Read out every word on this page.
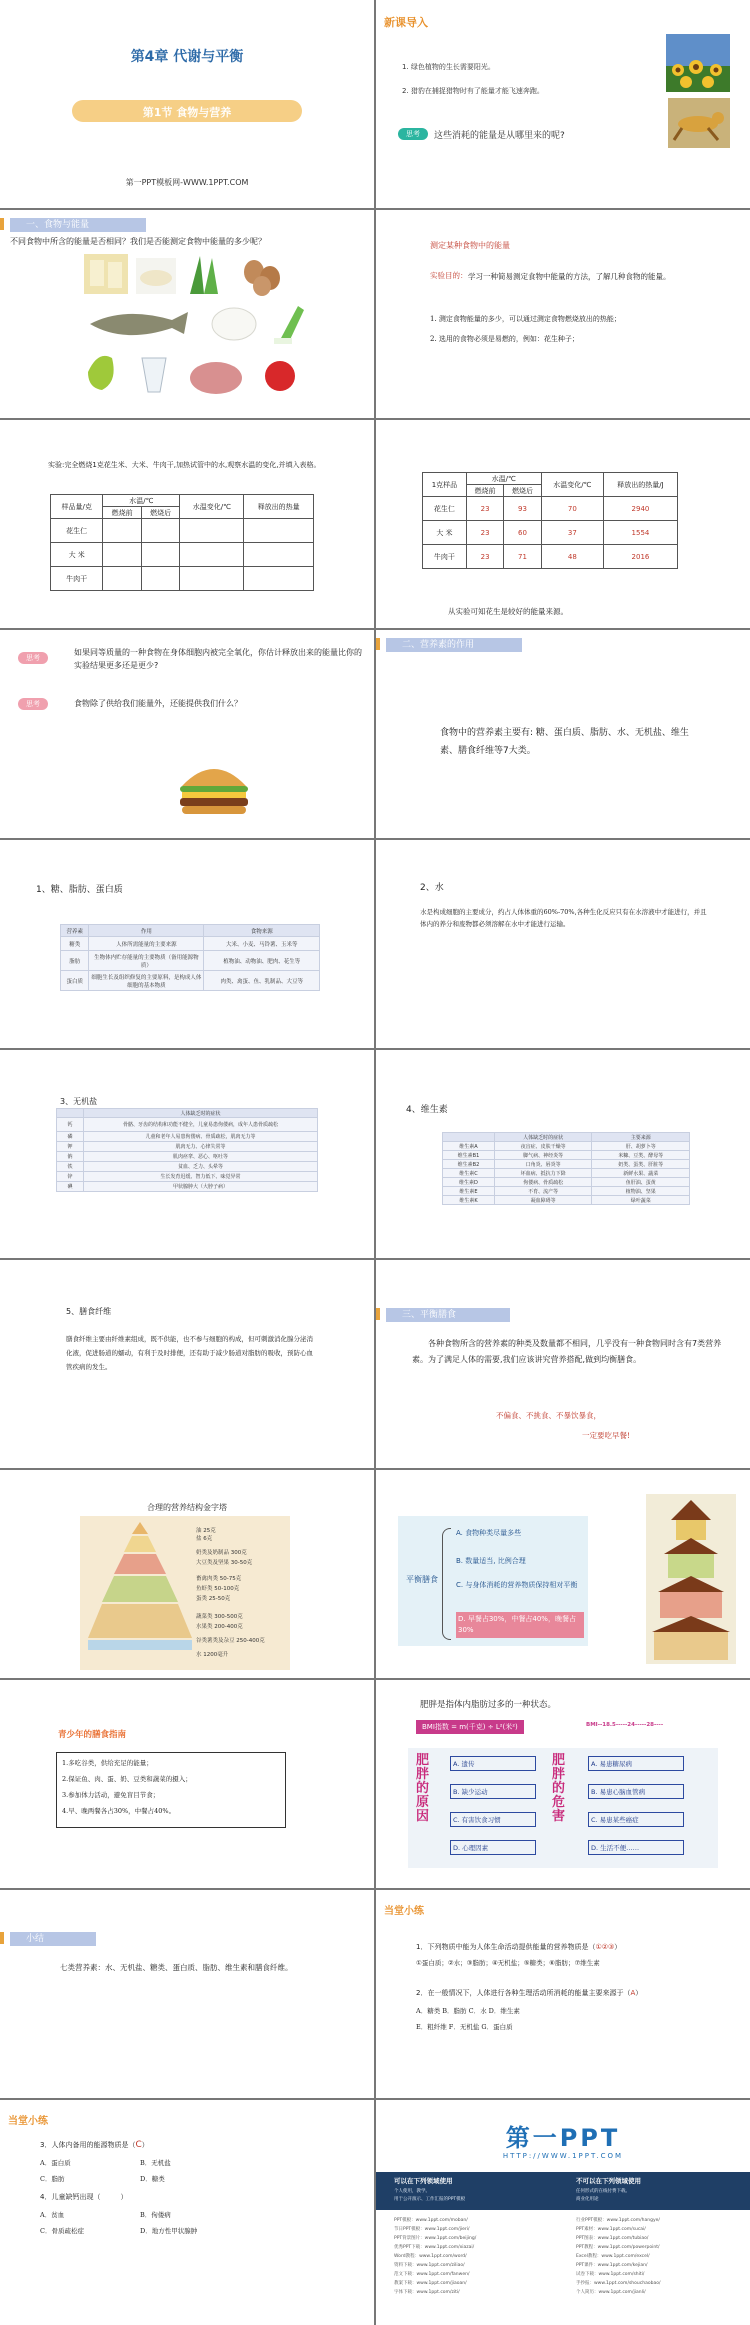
第4章 代谢与平衡
第1节 食物与营养
第一PPT模板网-WWW.1PPT.COM
新课导入
1. 绿色植物的生长需要阳光。
2. 猎豹在捕捉猎物时有了能量才能飞速奔跑。
思考	这些消耗的能量是从哪里来的呢?
一、食物与能量
不同食物中所含的能量是否相同？我们是否能测定食物中能量的多少呢？	测定某种食物中的能量
实验目的： 学习一种简易测定食物中能量的方法，了解几种食物的能量。
1. 测定食物能量的多少，可以通过测定食物燃烧放出的热能；
2. 选用的食物必须是易燃的，例如：花生种子；
实验:完全燃烧1克花生米、大米、牛肉干,加热试管中的水,观察水温的变化,并填入表格。
样品量/克	水温/℃		水温变化/℃	释放出的热量
	燃烧前	燃烧后		
花生仁				
大 米				
牛肉干				
1克样品	水温/℃		水温变化/℃	释放出的热量/J
	燃烧前	燃烧后		
花生仁	23	93	70	2940
大 米	23	60	37	1554
牛肉干	23	71	48	2016
从实验可知花生是较好的能量来源。
思考
如果同等质量的一种食物在身体细胞内被完全氧化，你估计释放出来的能量比你的实验结果更多还是更少?
思考	食物除了供给我们能量外，还能提供我们什么？
二、营养素的作用
食物中的营养素主要有: 糖、蛋白质、脂肪、水、无机盐、维生素、膳食纤维等7大类。
1、糖、脂肪、蛋白质
营养素	作用	食物来源
糖类	人体所需能量的主要来源	大米、小麦、马铃薯、玉米等
脂肪	生物体内贮存能量的主要物质（备用能源物质）	植物油、动物油、肥肉、花生等
蛋白质	细胞生长及组织修复的主要原料，是构成人体细胞的基本物质	肉类、禽蛋、鱼、乳制品、大豆等
2、水
水是构成细胞的主要成分，约占人体体重的60%-70%,各种生化反应只有在水溶液中才能进行，并且体内的养分和废物都必须溶解在水中才能进行运输。
3、无机盐
	人体缺乏时的症状
钙	骨骼、牙齿的结构和功能不健全，儿童易患佝偻病，成年人患骨质疏松
磷	儿童和老年人易患佝偻病、骨质疏松，肌肉无力等
钾	肌肉无力、心律失常等
钠	肌肉痉挛、恶心、呕吐等
铁	贫血、乏力、头晕等
锌	生长发育迟缓、智力低下、味觉异常
碘	甲状腺肿大（大脖子病）
4、维生素
	人体缺乏时的症状	主要来源
维生素A	夜盲症、皮肤干燥等	肝、胡萝卜等
维生素B1	脚气病、神经炎等	米糠、豆类、酵母等
维生素B2	口角炎、唇炎等	奶类、蛋类、肝脏等
维生素C	坏血病、抵抗力下降	新鲜水果、蔬菜
维生素D	佝偻病、骨质疏松	鱼肝油、蛋黄
维生素E	不育、流产等	植物油、坚果
维生素K	凝血障碍等	绿叶蔬菜
5、膳食纤维
膳食纤维主要由纤维素组成，既不供能，也不参与细胞的构成，但可刺激消化腺分泌消化液，促进肠道的蠕动，有利于及时排便，还有助于减少肠道对脂肪的吸收，预防心血管疾病的发生。
三、平衡膳食
各种食物所含的营养素的种类及数量都不相同，几乎没有一种食物同时含有7类营养素。为了满足人体的需要,我们应该讲究营养搭配,做到均衡膳食。
不偏食、不挑食、不暴饮暴食，
一定要吃早餐!
合理的营养结构金字塔
油 25克
盐 6克
奶类及奶制品 300克
大豆类及坚果 30-50克
畜禽肉类 50-75克
鱼虾类 50-100克
蛋类 25-50克
蔬菜类 300-500克
水果类 200-400克
谷类薯类及杂豆 250-400克
水 1200毫升
平衡膳食
A. 食物种类尽量多些
B. 数量适当, 比例合理
C. 与身体消耗的营养物质保持相对平衡
D. 早餐占30%，中餐占40%，晚餐占30%
青少年的膳食指南
1.多吃谷类，供给充足的能量；
2.保证鱼、肉、蛋、奶、豆类和蔬菜的摄入；
3.参加体力活动，避免盲目节食；
4.早、晚两餐各占30%，中餐占40%。
肥胖是指体内脂肪过多的一种状态。
BMI指数 = m(千克) ÷ L²(米²)	BMI--18.5-----24-----28----
肥胖的原因
A. 遗传
B. 缺少运动
C. 有害饮食习惯
D. 心理因素
肥胖的危害
A. 易患糖尿病
B. 易患心脑血管病
C. 易患某些癌症
D. 生活不便……
小结
七类营养素：水、无机盐、糖类、蛋白质、脂肪、维生素和膳食纤维。
当堂小练
1．下列物质中能为人体生命活动提供能量的营养物质是（①②③）
①蛋白质；②水；③脂肪；④无机盐；⑤糖类；⑥脂肪；⑦维生素
2．在一般情况下，人体进行各种生理活动所消耗的能量主要来源于（A）
A．糖类 B．脂肪 C．水 D．维生素
E．粗纤维 F．无机盐 G．蛋白质
当堂小练
3．人体内备用的能源物质是（C）
A．蛋白质	B．无机盐
C．脂肪	D．糖类
4．儿童缺钙出现（	）
A．贫血	B．佝偻病
C．骨质疏松症	D．地方性甲状腺肿
第一PPT
HTTP://WWW.1PPT.COM
可以在下列领域使用
个人使用，教学。
用于公开演示、工作汇报的PPT模板
不可以在下列领域使用
任何形式的在线付费下载。
商业化用途
PPT模板：www.1ppt.com/moban/
节日PPT模板：www.1ppt.com/jieri/
PPT背景图片：www.1ppt.com/beijing/
优秀PPT下载：www.1ppt.com/xiazai/
Word教程：www.1ppt.com/word/
资料下载：www.1ppt.com/ziliao/
范文下载：www.1ppt.com/fanwen/
教案下载：www.1ppt.com/jiaoan/
字体下载：www.1ppt.com/ziti/
行业PPT模板：www.1ppt.com/hangye/
PPT素材：www.1ppt.com/sucai/
PPT图表：www.1ppt.com/tubiao/
PPT教程：www.1ppt.com/powerpoint/
Excel教程：www.1ppt.com/excel/
PPT课件：www.1ppt.com/kejian/
试卷下载：www.1ppt.com/shiti/
手抄报：www.1ppt.com/shouchaobao/
个人简历：www.1ppt.com/jianli/
